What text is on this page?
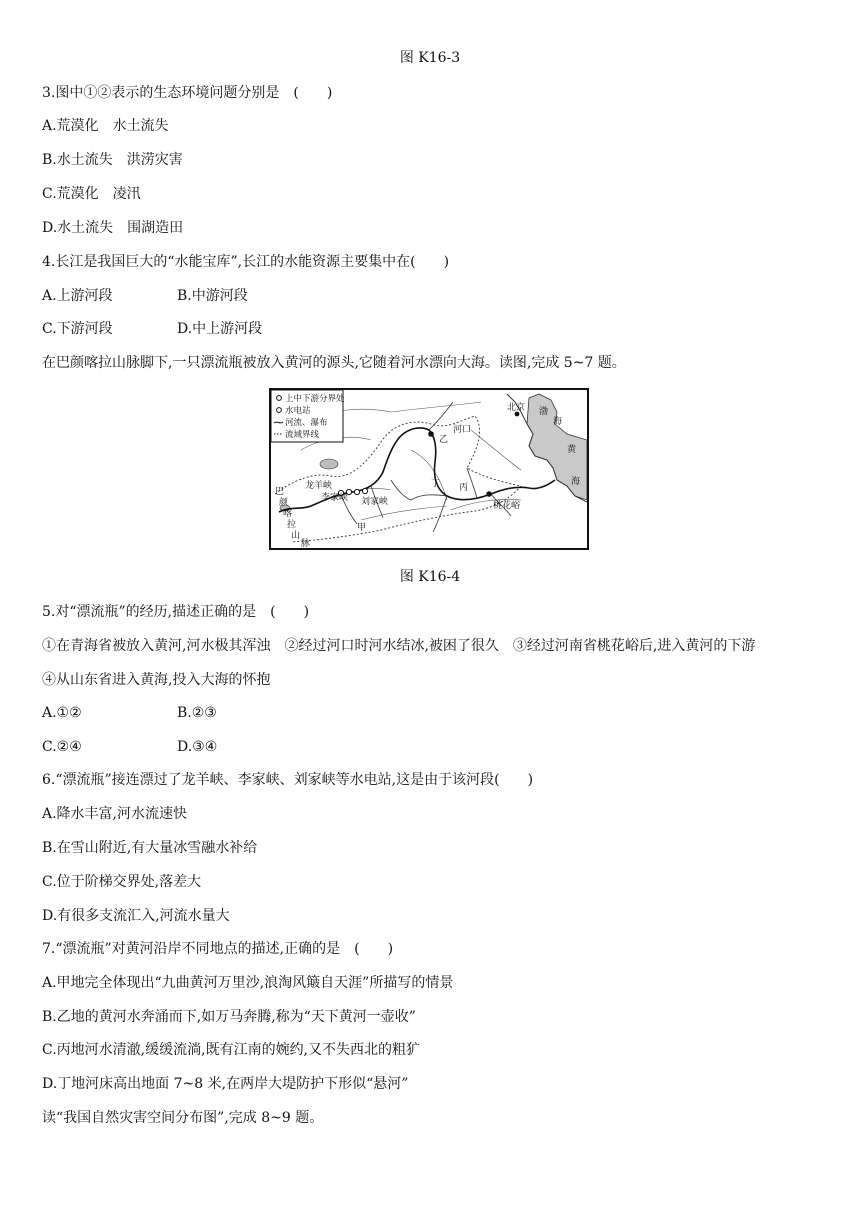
图 K16-3
3.图中①②表示的生态环境问题分别是　(　　)
A.荒漠化　水土流失
B.水土流失　洪涝灾害
C.荒漠化　凌汛
D.水土流失　围湖造田
4.长江是我国巨大的“水能宝库”,长江的水能资源主要集中在(　　)
A.上游河段	B.中游河段
C.下游河段	D.中上游河段
在巴颜喀拉山脉脚下,一只漂流瓶被放入黄河的源头,它随着河水漂向大海。读图,完成 5~7 题。
上中下游分界处
水电站
河流、瀑布
流域界线
北京
河口
乙
丙
丁
甲
渤
海
黄
海
龙羊峡
李家峡 刘家峡	桃花峪
巴
颜
喀
拉
山
脉
图 K16-4
5.对“漂流瓶”的经历,描述正确的是　(　　)
①在青海省被放入黄河,河水极其浑浊　②经过河口时河水结冰,被困了很久　③经过河南省桃花峪后,进入黄河的下游
④从山东省进入黄海,投入大海的怀抱
A.①②	B.②③
C.②④	D.③④
6.“漂流瓶”接连漂过了龙羊峡、李家峡、刘家峡等水电站,这是由于该河段(　　)
A.降水丰富,河水流速快
B.在雪山附近,有大量冰雪融水补给
C.位于阶梯交界处,落差大
D.有很多支流汇入,河流水量大
7.“漂流瓶”对黄河沿岸不同地点的描述,正确的是　(　　)
A.甲地完全体现出“九曲黄河万里沙,浪淘风簸自天涯”所描写的情景
B.乙地的黄河水奔涌而下,如万马奔腾,称为“天下黄河一壶收”
C.丙地河水清澈,缓缓流淌,既有江南的婉约,又不失西北的粗犷
D.丁地河床高出地面 7~8 米,在两岸大堤防护下形似“悬河”
读“我国自然灾害空间分布图”,完成 8~9 题。
